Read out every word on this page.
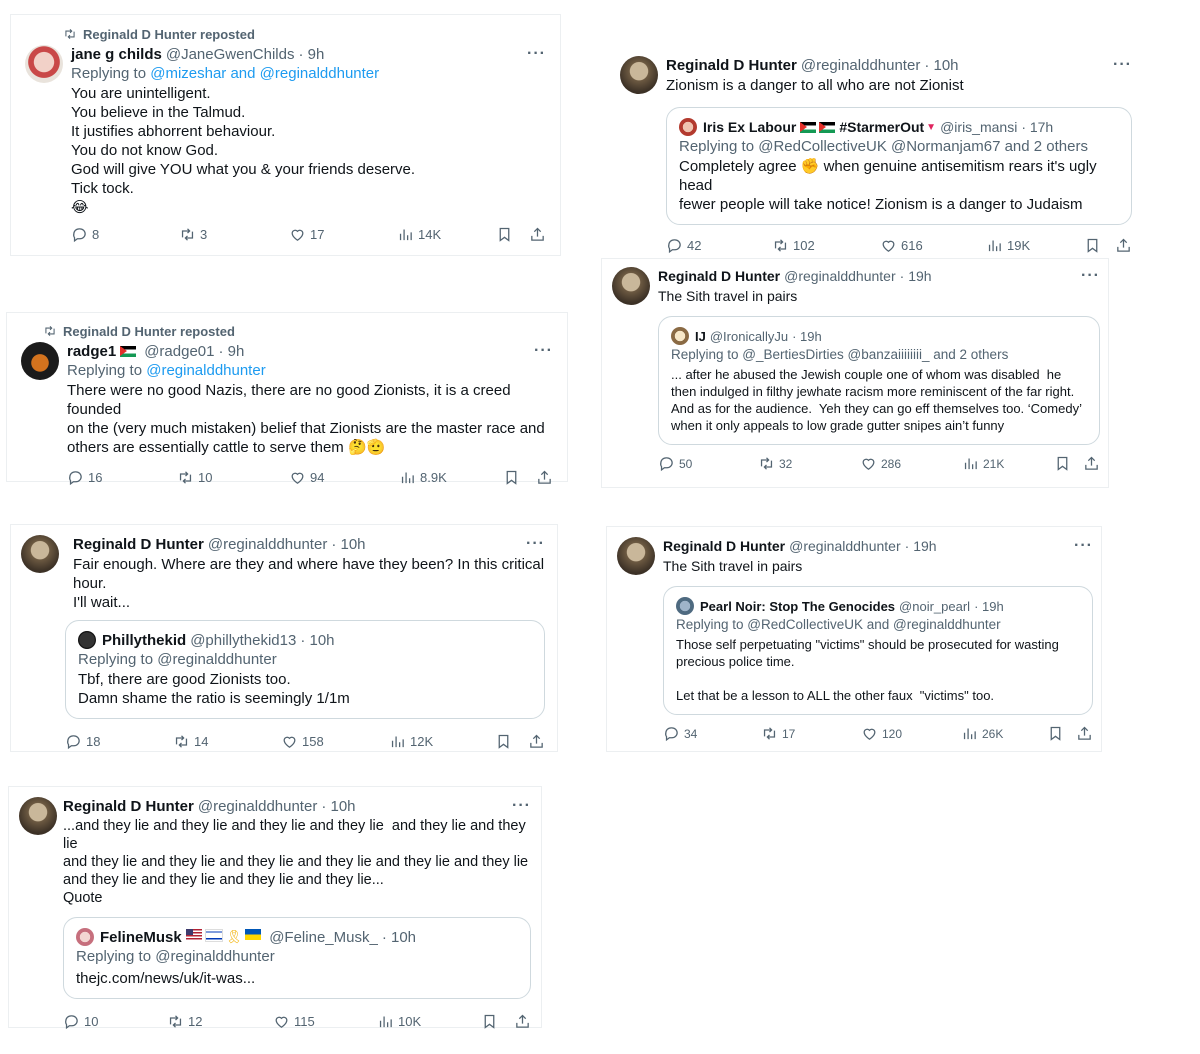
Reginald D Hunter reposted
jane g childs @JaneGwenChilds · 9h	···
Replying to @mizeshar and @reginalddhunter
You are unintelligent.
You believe in the Talmud.
It justifies abhorrent behaviour.
You do not know God.
God will give YOU what you & your friends deserve.
Tick tock.
😂
8	3	17	14K
Reginald D Hunter @reginalddhunter · 10h	···
Zionism is a danger to all who are not Zionist
Iris Ex Labour	#StarmerOut ▼ @iris_mansi · 17h
Replying to @RedCollectiveUK @Normanjam67 and 2 others
Completely agree ✊ when genuine antisemitism rears it's ugly head
fewer people will take notice! Zionism is a danger to Judaism
42	102	616	19K
Reginald D Hunter @reginalddhunter · 19h	···
The Sith travel in pairs
IJ @IronicallyJu · 19h
Replying to @_BertiesDirties @banzaiiiiiiii_ and 2 others
... after he abused the Jewish couple one of whom was disabled  he
then indulged in filthy jewhate racism more reminiscent of the far right.
And as for the audience.  Yeh they can go eff themselves too. ‘Comedy’
when it only appeals to low grade gutter snipes ain’t funny
50	32	286	21K
Reginald D Hunter reposted
radge1 @radge01 · 9h	···
Replying to @reginalddhunter
There were no good Nazis, there are no good Zionists, it is a creed founded
on the (very much mistaken) belief that Zionists are the master race and
others are essentially cattle to serve them 🤔🫡
16	10	94	8.9K
Reginald D Hunter @reginalddhunter · 10h	···
Fair enough. Where are they and where have they been? In this critical hour.
I'll wait...
Phillythekid @phillythekid13 · 10h
Replying to @reginalddhunter
Tbf, there are good Zionists too.
Damn shame the ratio is seemingly 1/1m
18	14	158	12K
Reginald D Hunter @reginalddhunter · 19h	···
The Sith travel in pairs
Pearl Noir: Stop The Genocides @noir_pearl · 19h
Replying to @RedCollectiveUK and @reginalddhunter
Those self perpetuating "victims" should be prosecuted for wasting
precious police time.

Let that be a lesson to ALL the other faux  "victims" too.
34	17	120	26K
Reginald D Hunter @reginalddhunter · 10h	···
...and they lie and they lie and they lie and they lie  and they lie and they lie
and they lie and they lie and they lie and they lie and they lie and they lie
and they lie and they lie and they lie and they lie...
Quote
FelineMusk	🎗 @Feline_Musk_ · 10h
Replying to @reginalddhunter
thejc.com/news/uk/it-was...
10	12	115	10K
